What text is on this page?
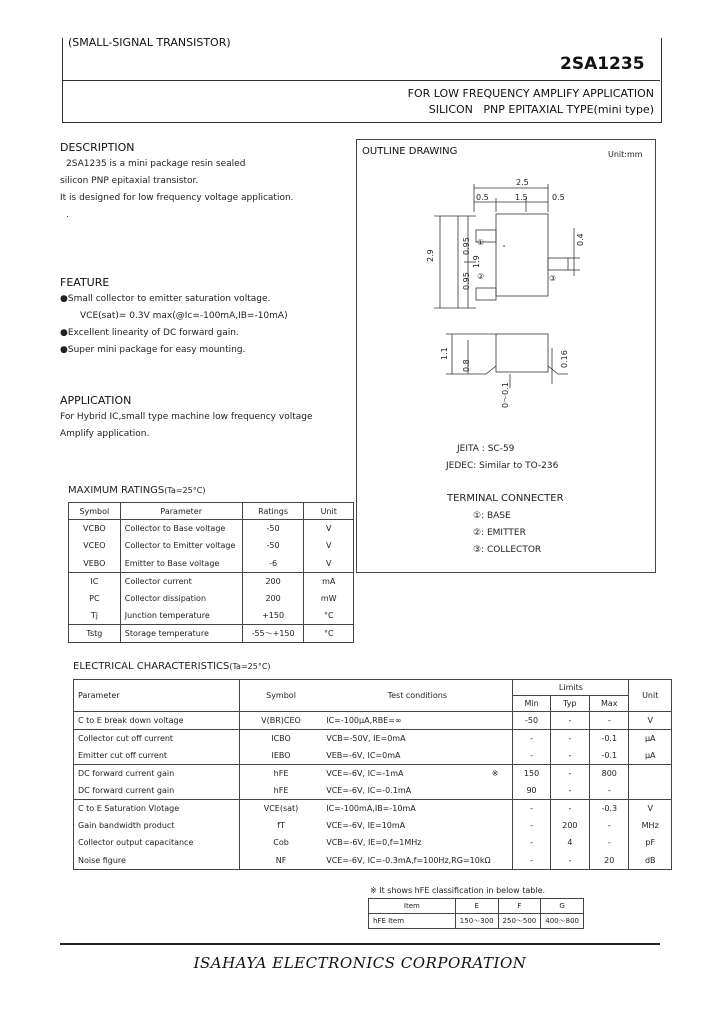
(SMALL-SIGNAL TRANSISTOR)
2SA1235
FOR LOW FREQUENCY AMPLIFY APPLICATION
SILICON   PNP EPITAXIAL TYPE(mini type)
DESCRIPTION
2SA1235 is a mini package resin sealed
silicon PNP epitaxial transistor.
It is designed for low frequency voltage application.
.
FEATURE
●Small collector to emitter saturation voltage.
VCE(sat)= 0.3V max(@Ic=-100mA,IB=-10mA)
●Excellent linearity of DC forward gain.
●Super mini package for easy mounting.
APPLICATION
For Hybrid IC,small type machine low frequency voltage
Amplify application.
MAXIMUM RATINGS(Ta=25°C)
Symbol	Parameter	Ratings	Unit
VCBO	Collector to Base voltage	-50	V
VCEO	Collector to Emitter voltage	-50	V
VEBO	Emitter to Base voltage	-6	V
IC	Collector current	200	mA
PC	Collector dissipation	200	mW
Tj	Junction temperature	+150	°C
Tstg	Storage temperature	-55～+150	°C
OUTLINE DRAWING	Unit:mm
2.5
0.5	1.5	0.5
2.9
0.95
1.9
0.95
0.4
1.1
0.8	0.16
0～0.1
①
②	③
JEITA : SC-59
JEDEC: Similar to TO-236
TERMINAL CONNECTER
①: BASE
②: EMITTER
③: COLLECTOR
ELECTRICAL CHARACTERISTICS(Ta=25°C)
Parameter	Symbol	Test conditions		Limits			Unit
				Min	Typ	Max	
C to E break down voltage	V(BR)CEO	IC=-100μA,RBE=∞		-50	-	-	V
Collector cut off current	ICBO	VCB=-50V, IE=0mA		-	-	-0.1	μA
Emitter cut off current	IEBO	VEB=-6V, IC=0mA		-	-	-0.1	μA
DC forward current gain	hFE	VCE=-6V, IC=-1mA	※	150	-	800	
DC forward current gain	hFE	VCE=-6V, IC=-0.1mA		90	-	-	
C to E Saturation Vlotage	VCE(sat)	IC=-100mA,IB=-10mA		-	-	-0.3	V
Gain bandwidth product	fT	VCE=-6V, IE=10mA		-	200	-	MHz
Collector output capacitance	Cob	VCB=-6V, IE=0,f=1MHz		-	4	-	pF
Noise figure	NF	VCE=-6V, IC=-0.3mA,f=100Hz,RG=10kΩ		-	-	20	dB
※ It shows hFE classification in below table.
Item	E	F	G
hFE Item	150～300	250～500	400～800
ISAHAYA ELECTRONICS CORPORATION
